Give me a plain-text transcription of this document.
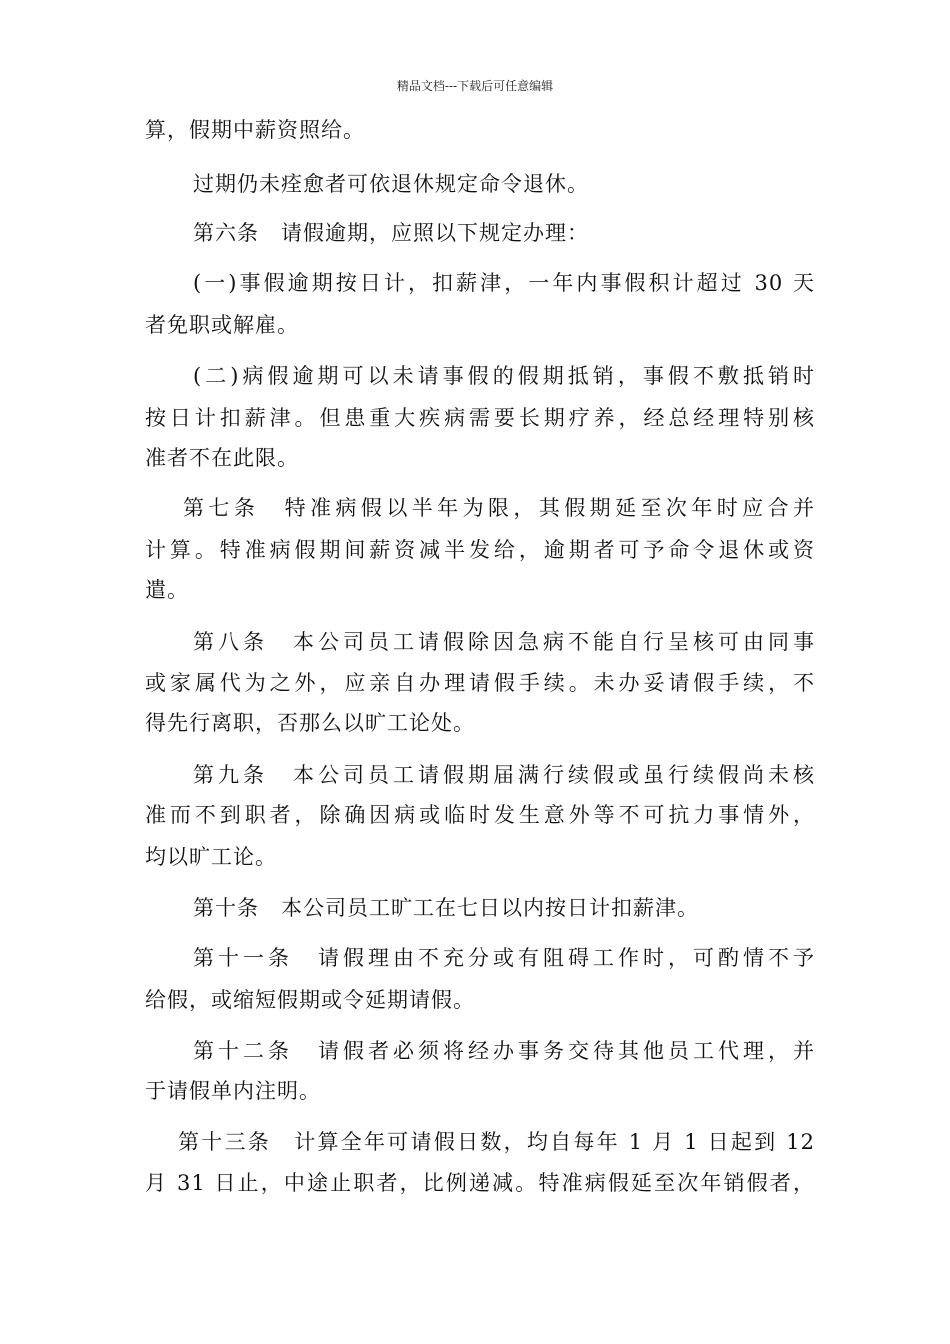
精品文档---下载后可任意编辑
算，假期中薪资照给。
过期仍未痊愈者可依退休规定命令退休。
第六条　请假逾期，应照以下规定办理：
(一)事假逾期按日计，扣薪津，一年内事假积计超过 30 天
者免职或解雇。
(二)病假逾期可以未请事假的假期抵销，事假不敷抵销时
按日计扣薪津。但患重大疾病需要长期疗养，经总经理特别核
准者不在此限。
第七条　特准病假以半年为限，其假期延至次年时应合并
计算。特准病假期间薪资减半发给，逾期者可予命令退休或资
遣。
第八条　本公司员工请假除因急病不能自行呈核可由同事
或家属代为之外，应亲自办理请假手续。未办妥请假手续，不
得先行离职，否那么以旷工论处。
第九条　本公司员工请假期届满行续假或虽行续假尚未核
准而不到职者，除确因病或临时发生意外等不可抗力事情外，
均以旷工论。
第十条　本公司员工旷工在七日以内按日计扣薪津。
第十一条　请假理由不充分或有阻碍工作时，可酌情不予
给假，或缩短假期或令延期请假。
第十二条　请假者必须将经办事务交待其他员工代理，并
于请假单内注明。
第十三条　计算全年可请假日数，均自每年 1 月 1 日起到 12
月 31 日止，中途止职者，比例递减。特准病假延至次年销假者，
